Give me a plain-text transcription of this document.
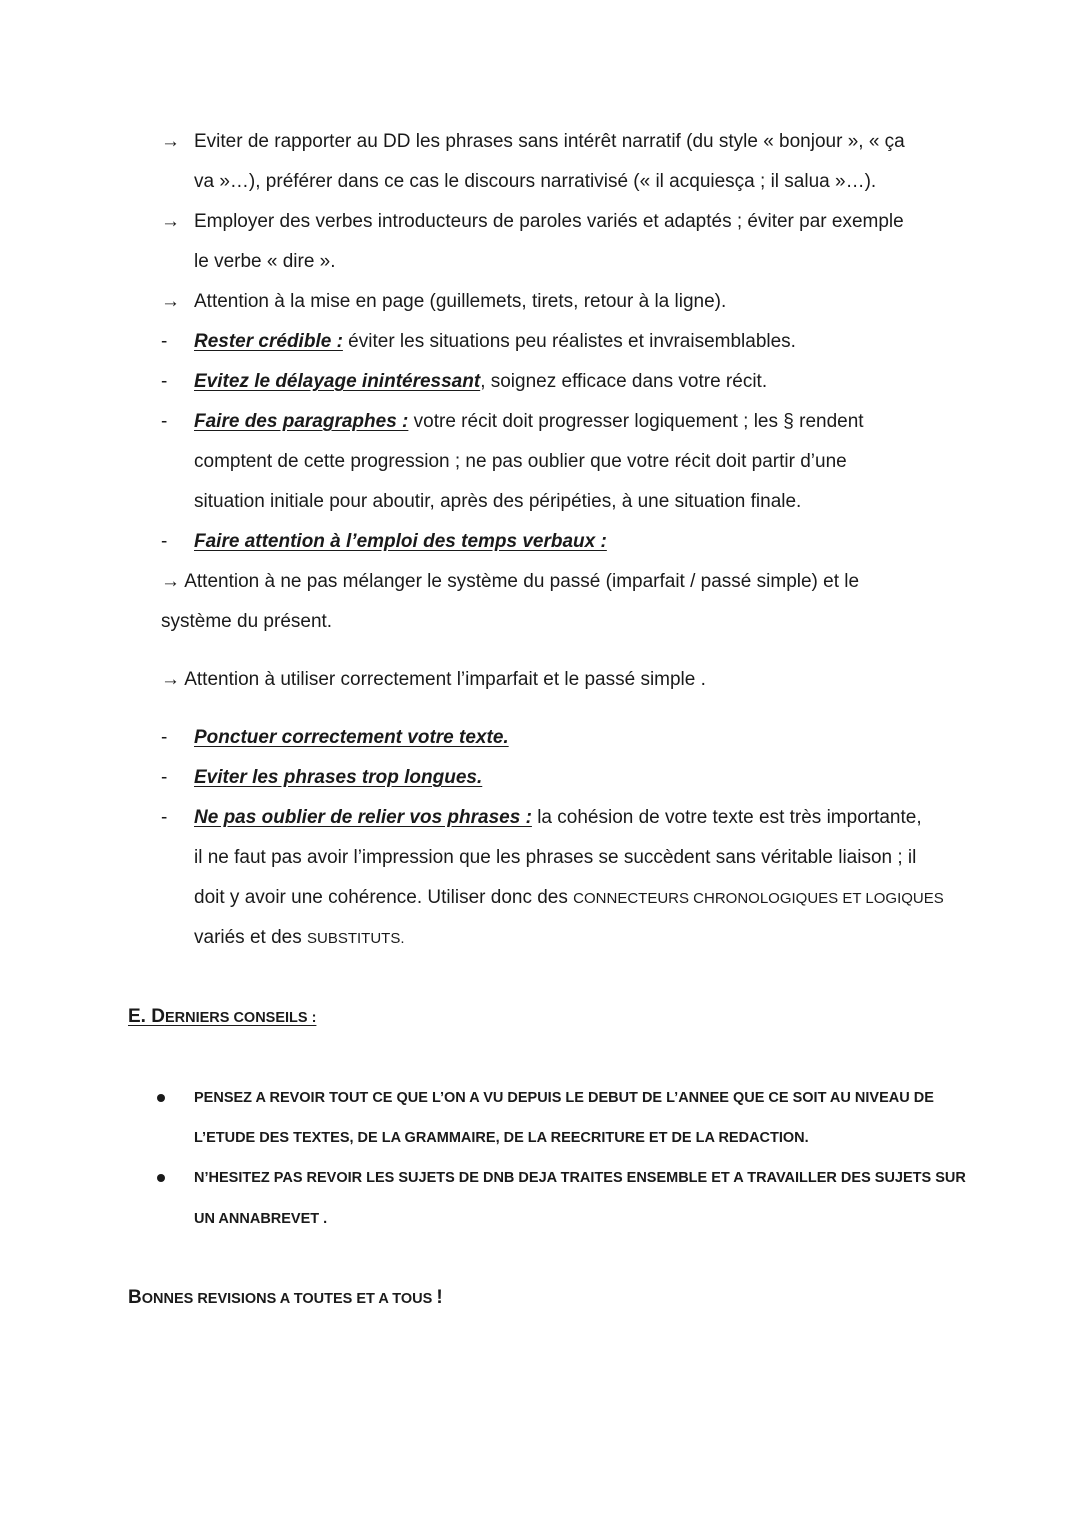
→ Eviter de rapporter au DD les phrases sans intérêt narratif (du style « bonjour », « ça
va »…), préférer dans ce cas le discours narrativisé (« il acquiesça ; il salua »…).
→ Employer des verbes introducteurs de paroles variés et adaptés ; éviter par exemple
le verbe « dire ».
→ Attention à la mise en page (guillemets, tirets, retour à la ligne).
- Rester crédible : éviter les situations peu réalistes et invraisemblables.
- Evitez le délayage inintéressant, soignez efficace dans votre récit.
- Faire des paragraphes : votre récit doit progresser logiquement ; les § rendent
comptent de cette progression ; ne pas oublier que votre récit doit partir d’une
situation initiale pour aboutir, après des péripéties, à une situation finale.
- Faire attention à l’emploi des temps verbaux :
→ Attention à ne pas mélanger le système du passé (imparfait / passé simple) et le
système du présent.
→ Attention à utiliser correctement l’imparfait et le passé simple .
- Ponctuer correctement votre texte.
- Eviter les phrases trop longues.
- Ne pas oublier de relier vos phrases : la cohésion de votre texte est très importante,
il ne faut pas avoir l’impression que les phrases se succèdent sans véritable liaison ; il
doit y avoir une cohérence. Utiliser donc des CONNECTEURS CHRONOLOGIQUES ET LOGIQUES
variés et des SUBSTITUTS.
E. DERNIERS CONSEILS :
PENSEZ A REVOIR TOUT CE QUE L’ON A VU DEPUIS LE DEBUT DE L’ANNEE QUE CE SOIT AU NIVEAU DE
L’ETUDE DES TEXTES, DE LA GRAMMAIRE, DE LA REECRITURE ET DE LA REDACTION.
N’HESITEZ PAS REVOIR LES SUJETS DE DNB DEJA TRAITES ENSEMBLE ET A TRAVAILLER DES SUJETS SUR
UN ANNABREVET .
BONNES REVISIONS A TOUTES ET A TOUS !
